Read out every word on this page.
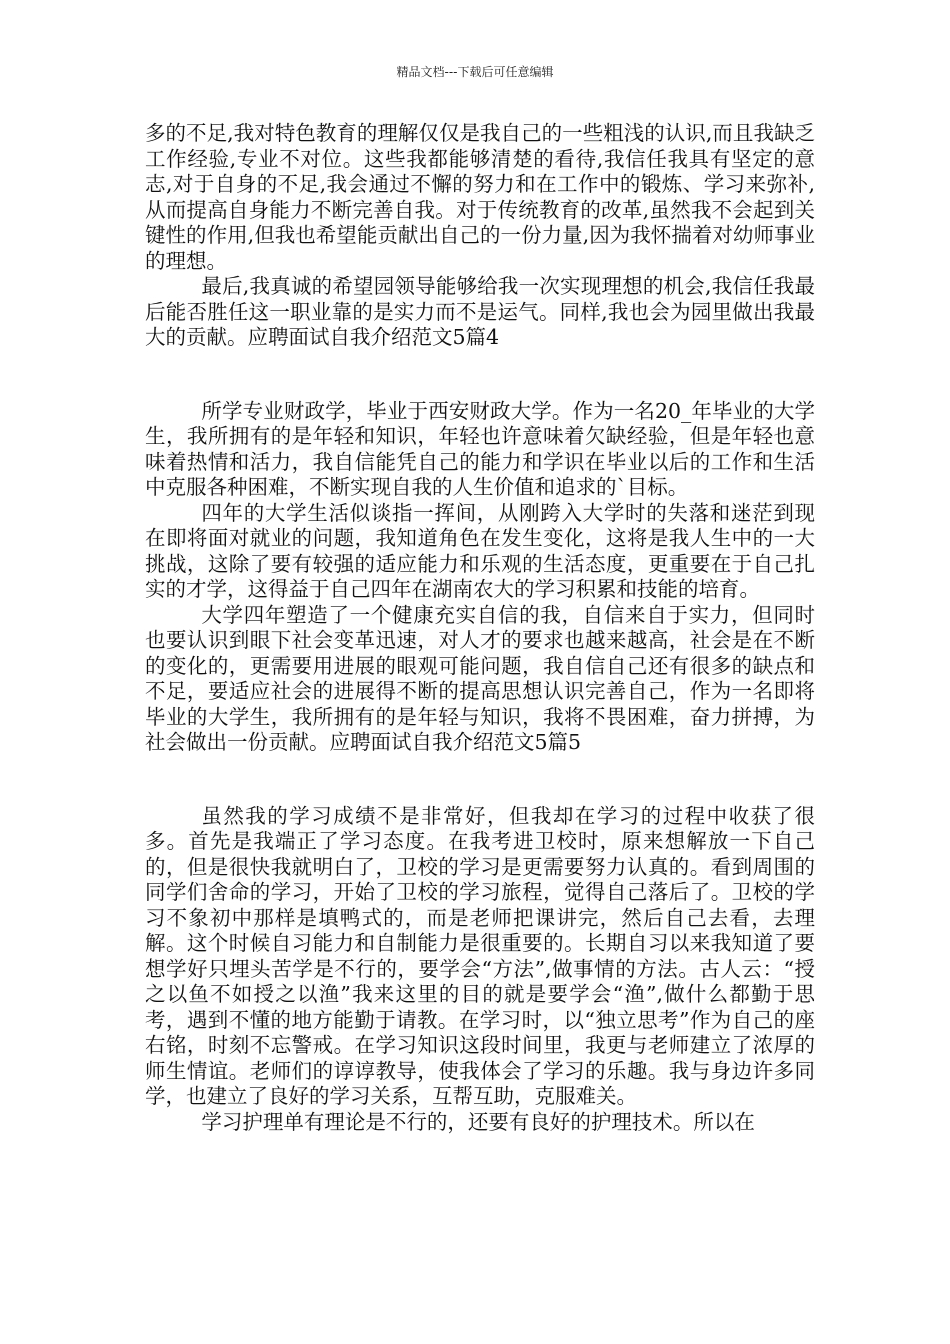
精品文档---下载后可任意编辑

多的不足,我对特色教育的理解仅仅是我自己的一些粗浅的认识,而且我缺乏工作经验,专业不对位。这些我都能够清楚的看待,我信任我具有坚定的意志,对于自身的不足,我会通过不懈的努力和在工作中的锻炼、学习来弥补,从而提高自身能力不断完善自我。对于传统教育的改革,虽然我不会起到关键性的作用,但我也希望能贡献出自己的一份力量,因为我怀揣着对幼师事业的理想。

最后,我真诚的希望园领导能够给我一次实现理想的机会,我信任我最后能否胜任这一职业靠的是实力而不是运气。同样,我也会为园里做出我最大的贡献。应聘面试自我介绍范文5篇4

所学专业财政学，毕业于西安财政大学。作为一名20_年毕业的大学生，我所拥有的是年轻和知识，年轻也许意味着欠缺经验，但是年轻也意味着热情和活力，我自信能凭自己的能力和学识在毕业以后的工作和生活中克服各种困难，不断实现自我的人生价值和追求的`目标。

四年的大学生活似谈指一挥间，从刚跨入大学时的失落和迷茫到现在即将面对就业的问题，我知道角色在发生变化，这将是我人生中的一大挑战，这除了要有较强的适应能力和乐观的生活态度，更重要在于自己扎实的才学，这得益于自己四年在湖南农大的学习积累和技能的培育。

大学四年塑造了一个健康充实自信的我，自信来自于实力，但同时也要认识到眼下社会变革迅速，对人才的要求也越来越高，社会是在不断的变化的，更需要用进展的眼观可能问题，我自信自己还有很多的缺点和不足，要适应社会的进展得不断的提高思想认识完善自己，作为一名即将毕业的大学生，我所拥有的是年轻与知识，我将不畏困难，奋力拼搏，为社会做出一份贡献。应聘面试自我介绍范文5篇5

虽然我的学习成绩不是非常好，但我却在学习的过程中收获了很多。首先是我端正了学习态度。在我考进卫校时，原来想解放一下自己的，但是很快我就明白了，卫校的学习是更需要努力认真的。看到周围的同学们舍命的学习，开始了卫校的学习旅程，觉得自己落后了。卫校的学习不象初中那样是填鸭式的，而是老师把课讲完，然后自己去看，去理解。这个时候自习能力和自制能力是很重要的。长期自习以来我知道了要想学好只埋头苦学是不行的，要学会“方法”,做事情的方法。古人云：“授之以鱼不如授之以渔”我来这里的目的就是要学会“渔”,做什么都勤于思考，遇到不懂的地方能勤于请教。在学习时，以“独立思考”作为自己的座右铭，时刻不忘警戒。在学习知识这段时间里，我更与老师建立了浓厚的师生情谊。老师们的谆谆教导，使我体会了学习的乐趣。我与身边许多同学，也建立了良好的学习关系，互帮互助，克服难关。

学习护理单有理论是不行的，还要有良好的护理技术。所以在
